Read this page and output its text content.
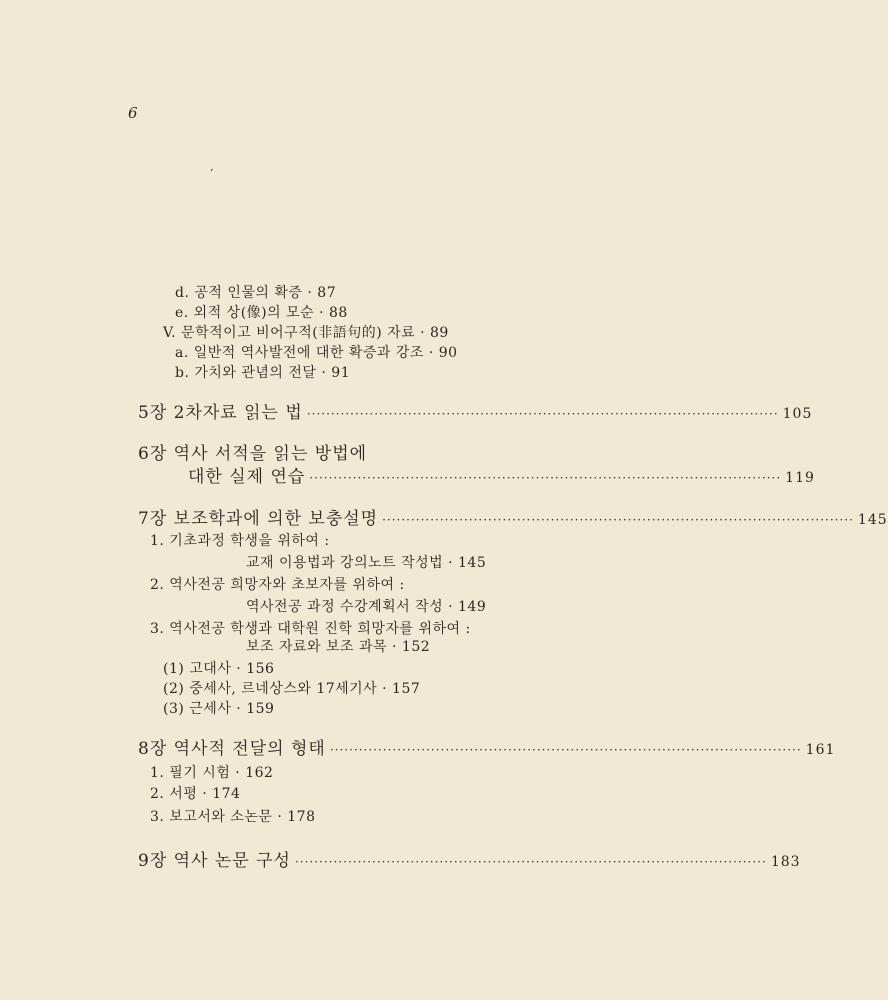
6
ʻ
d. 공적 인물의 확증 · 87
e. 외적 상(像)의 모순 · 88
V. 문학적이고 비어구적(非語句的) 자료 · 89
a. 일반적 역사발전에 대한 확증과 강조 · 90
b. 가치와 관념의 전달 · 91
5장 2차자료 읽는 법 ·································································································· 105
6장 역사 서적을 읽는 방법에
대한 실제 연습 ·································································································· 119
7장 보조학과에 의한 보충설명 ·································································································· 145
1. 기초과정 학생을 위하여 :
교재 이용법과 강의노트 작성법 · 145
2. 역사전공 희망자와 초보자를 위하여 :
역사전공 과정 수강계획서 작성 · 149
3. 역사전공 학생과 대학원 진학 희망자를 위하여 :
보조 자료와 보조 과목 · 152
(1) 고대사 · 156
(2) 중세사, 르네상스와 17세기사 · 157
(3) 근세사 · 159
8장 역사적 전달의 형태 ·································································································· 161
1. 필기 시험 · 162
2. 서평 · 174
3. 보고서와 소논문 · 178
9장 역사 논문 구성 ·································································································· 183
